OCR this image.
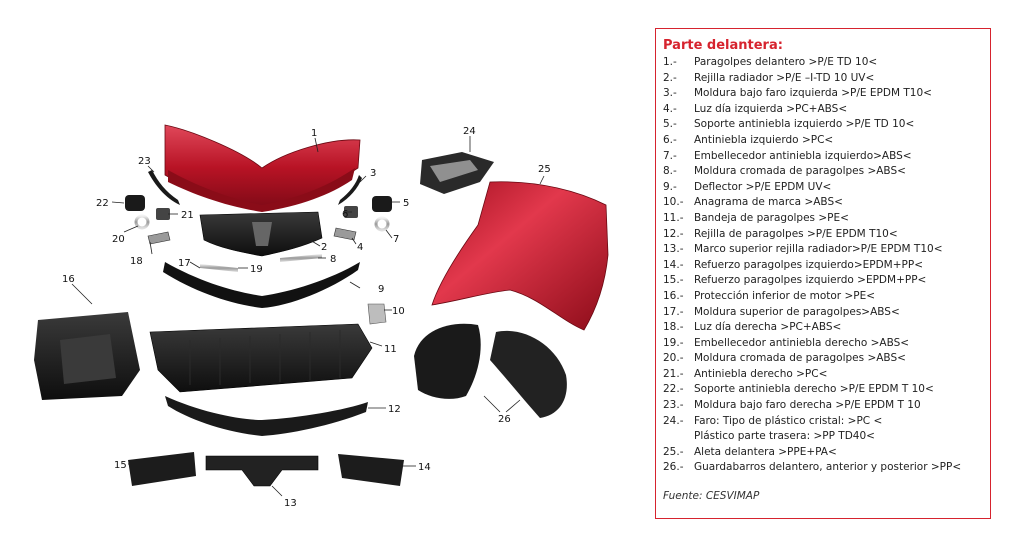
1
2
3
4
5
6
7
8
9
10
11
12
13
14
15
16
17
18
19
20
21
22
23
24
25
26
Parte delantera:
1.-	Paragolpes delantero >P/E TD 10<
2.-	Rejilla radiador >P/E –I-TD 10 UV<
3.-	Moldura bajo faro izquierda >P/E EPDM T10<
4.-	Luz día izquierda >PC+ABS<
5.-	Soporte antiniebla izquierdo >P/E TD 10<
6.-	Antiniebla izquierdo >PC<
7.-	Embellecedor antiniebla izquierdo>ABS<
8.-	Moldura cromada de paragolpes >ABS<
9.-	Deflector >P/E EPDM UV<
10.-	Anagrama de marca >ABS<
11.-	Bandeja de paragolpes >PE<
12.-	Rejilla de paragolpes >P/E EPDM T10<
13.-	Marco superior rejilla radiador>P/E EPDM T10<
14.-	Refuerzo paragolpes izquierdo>EPDM+PP<
15.-	Refuerzo paragolpes izquierdo >EPDM+PP<
16.-	Protección inferior de motor >PE<
17.-	Moldura superior de paragolpes>ABS<
18.-	Luz día derecha >PC+ABS<
19.-	Embellecedor antiniebla derecho >ABS<
20.-	Moldura cromada de paragolpes >ABS<
21.-	Antiniebla derecho >PC<
22.-	Soporte antiniebla derecho >P/E EPDM T 10<
23.-	Moldura bajo faro derecha >P/E EPDM T 10
24.-	Faro: Tipo de plástico cristal: >PC <
Plástico parte trasera: >PP TD40<
25.-	Aleta delantera >PPE+PA<
26.-	Guardabarros delantero, anterior y posterior >PP<
Fuente: CESVIMAP
